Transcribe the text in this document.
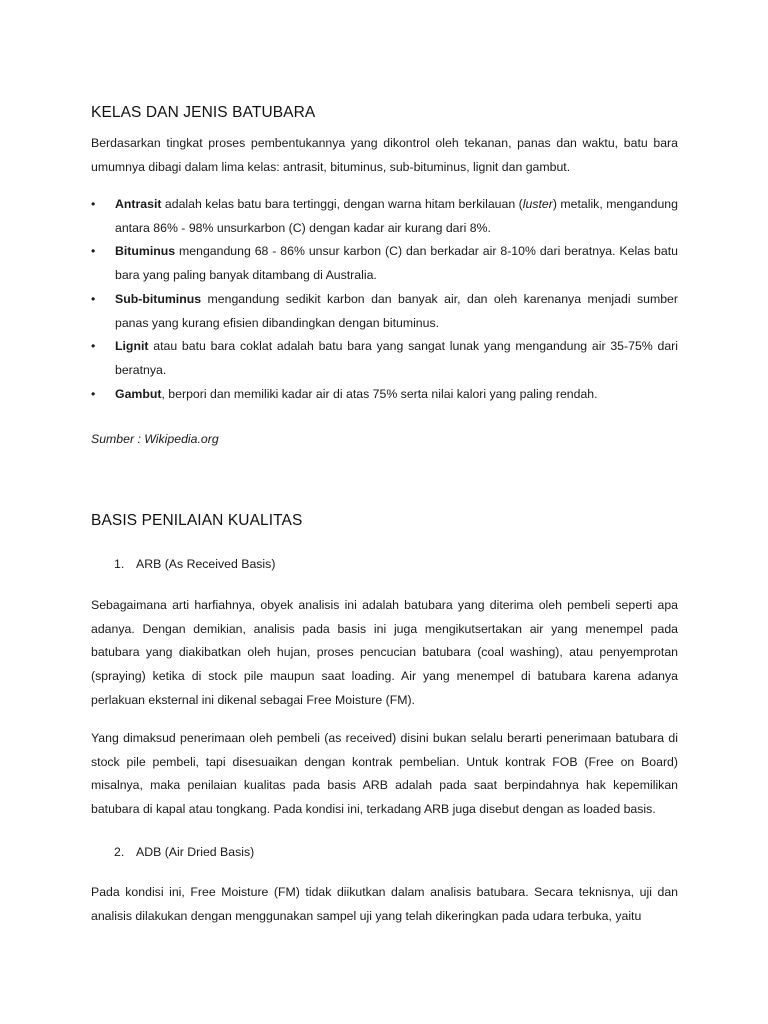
KELAS DAN JENIS BATUBARA

Berdasarkan tingkat proses pembentukannya yang dikontrol oleh tekanan, panas dan waktu, batu bara umumnya dibagi dalam lima kelas: antrasit, bituminus, sub-bituminus, lignit dan gambut.

• Antrasit adalah kelas batu bara tertinggi, dengan warna hitam berkilauan (luster) metalik, mengandung antara 86% - 98% unsurkarbon (C) dengan kadar air kurang dari 8%.
• Bituminus mengandung 68 - 86% unsur karbon (C) dan berkadar air 8-10% dari beratnya. Kelas batu bara yang paling banyak ditambang di Australia.
• Sub-bituminus mengandung sedikit karbon dan banyak air, dan oleh karenanya menjadi sumber panas yang kurang efisien dibandingkan dengan bituminus.
• Lignit atau batu bara coklat adalah batu bara yang sangat lunak yang mengandung air 35-75% dari beratnya.
• Gambut, berpori dan memiliki kadar air di atas 75% serta nilai kalori yang paling rendah.
Sumber : Wikipedia.org
BASIS PENILAIAN KUALITAS
1. ARB (As Received Basis)

Sebagaimana arti harfiahnya, obyek analisis ini adalah batubara yang diterima oleh pembeli seperti apa adanya. Dengan demikian, analisis pada basis ini juga mengikutsertakan air yang menempel pada batubara yang diakibatkan oleh hujan, proses pencucian batubara (coal washing), atau penyemprotan (spraying) ketika di stock pile maupun saat loading. Air yang menempel di batubara karena adanya perlakuan eksternal ini dikenal sebagai Free Moisture (FM).

Yang dimaksud penerimaan oleh pembeli (as received) disini bukan selalu berarti penerimaan batubara di stock pile pembeli, tapi disesuaikan dengan kontrak pembelian. Untuk kontrak FOB (Free on Board) misalnya, maka penilaian kualitas pada basis ARB adalah pada saat berpindahnya hak kepemilikan batubara di kapal atau tongkang. Pada kondisi ini, terkadang ARB juga disebut dengan as loaded basis.

2. ADB (Air Dried Basis)

Pada kondisi ini, Free Moisture (FM) tidak diikutkan dalam analisis batubara. Secara teknisnya, uji dan analisis dilakukan dengan menggunakan sampel uji yang telah dikeringkan pada udara terbuka, yaitu
